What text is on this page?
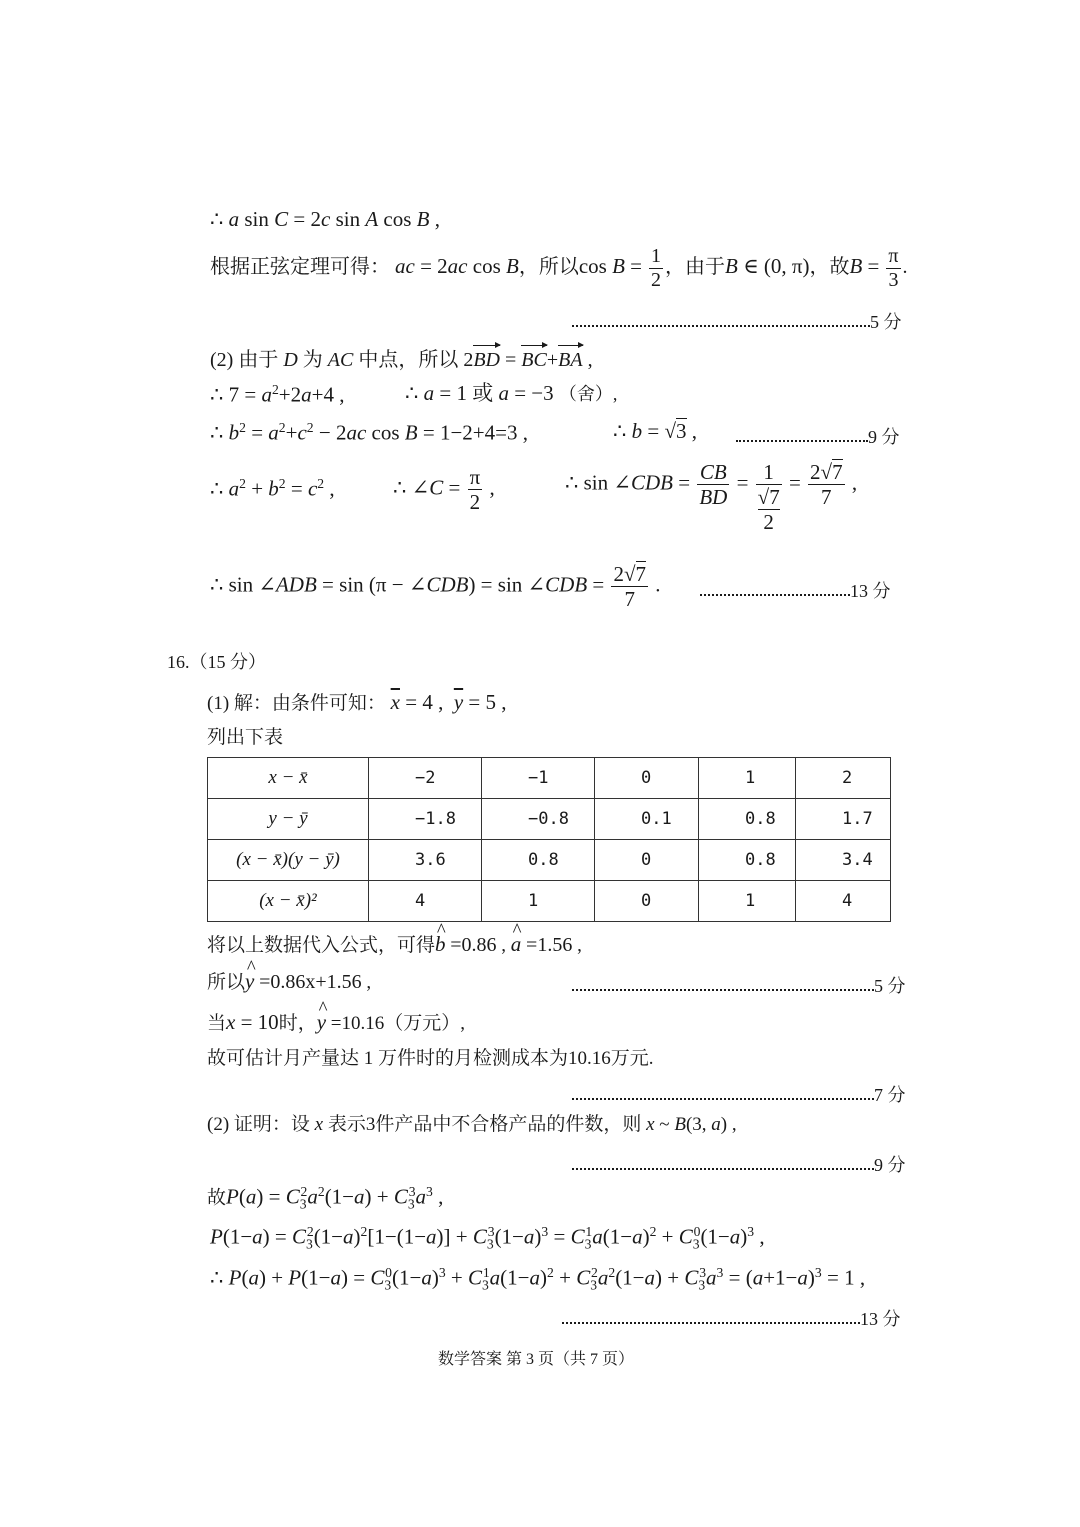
∴ a sin C = 2c sin A cos B ,
根据正弦定理可得： ac = 2ac cos B，所以$\cos B = \frac{1}{2}$ ，由于B ∈ (0, π)，故$B = \frac{\pi}{3}$ .
5 分
(2) 由于 D 为 AC 中点，所以 2BD = BC+BA ,
∴ $7 = a^2+2a+4$ ,	∴ a = 1 或 a = −3 （舍）,
∴ $b^2 = a^2+c^2 - 2ac$ cos B = 1−2+4=3 ,	∴ b = √3 ,	9 分
∴ $a^2 + b^2 = c^2$ ,	∴ ∠C = $\frac{\pi}{2}$ ,	∴ sin ∠CDB = $\frac{CB}{BD} = 1$
√7
2
= $\frac{2√7}{7}$ ,
∴ sin ∠ADB = sin (π − ∠CDB) = sin ∠CDB = $\frac{2√7}{7}$ .	13 分
16.（15 分）
(1) 解：由条件可知： $\overline{x} = 4$ ,  $\overline{y} = 5$ ,
列出下表
x − x̄	−2	−1	0	1	2
y − ȳ	−1.8	−0.8	0.1	0.8	1.7
(x − x̄)(y − ȳ)	3.6	0.8	0	0.8	3.4
(x − x̄)²	4	1	0	1	4
将以上数据代入公式，可得^ b =0.86 , ^ a =1.56 ,
所以^ y =0.86x+1.56 ,	5 分
当x = 10时，^ y =10.16（万元）,
故可估计月产量达 1 万件时的月检测成本为10.16万元.
7 分
(2) 证明：设 x 表示3件产品中不合格产品的件数，则 x ~ B(3, a) ,
9 分
故$P(a) = C_3^2a^2(1-a) + C_3^3a^3$ ,
$P(1-a) = C_3^2(1-a)^2[1-(1-a)] + C_3^3(1-a)^3 = C_3^1a(1-a)^2 + C_3^0(1-a)^3$ ,
∴ $P(a) + P(1-a) = C_3^0(1-a)^3 + C_3^1a(1-a)^2 + C_3^2a^2(1-a) + C_3^3a^3 = (a+1-a)^3 = 1$ ,
13 分
数学答案 第 3 页（共 7 页）
